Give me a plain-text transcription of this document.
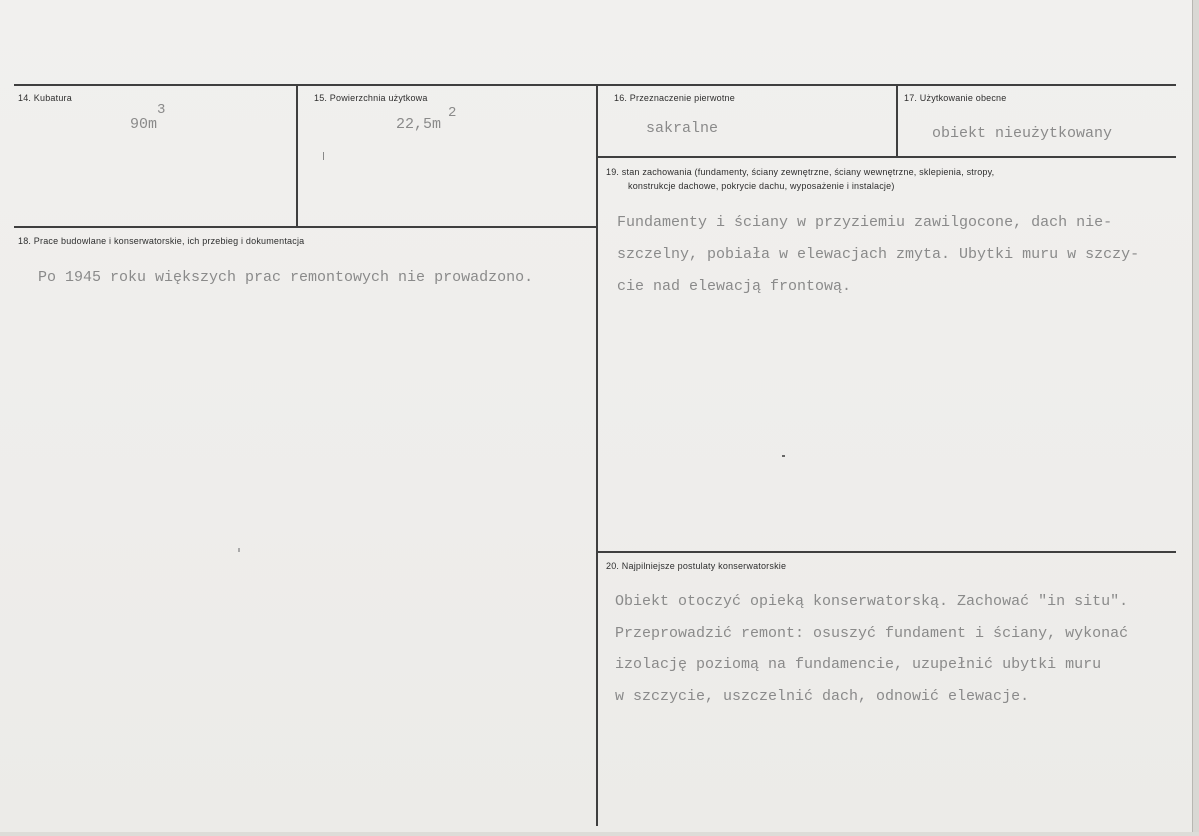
14. Kubatura
90m
3
15. Powierzchnia użytkowa
22,5m
2
16. Przeznaczenie pierwotne
sakralne
17. Użytkowanie obecne
obiekt nieużytkowany
18. Prace budowlane i konserwatorskie, ich przebieg i dokumentacja
Po 1945 roku większych prac remontowych nie prowadzono.
19. stan zachowania (fundamenty, ściany zewnętrzne, ściany wewnętrzne, sklepienia, stropy,
konstrukcje dachowe, pokrycie dachu, wyposażenie i instalacje)
Fundamenty i ściany w przyziemiu zawilgocone, dach nie-
szczelny, pobiała w elewacjach zmyta. Ubytki muru w szczy-
cie nad elewacją frontową.
20. Najpilniejsze postulaty konserwatorskie
Obiekt otoczyć opieką konserwatorską. Zachować "in situ".
Przeprowadzić remont: osuszyć fundament i ściany, wykonać
izolację poziomą na fundamencie, uzupełnić ubytki muru
w szczycie, uszczelnić dach, odnowić elewacje.
